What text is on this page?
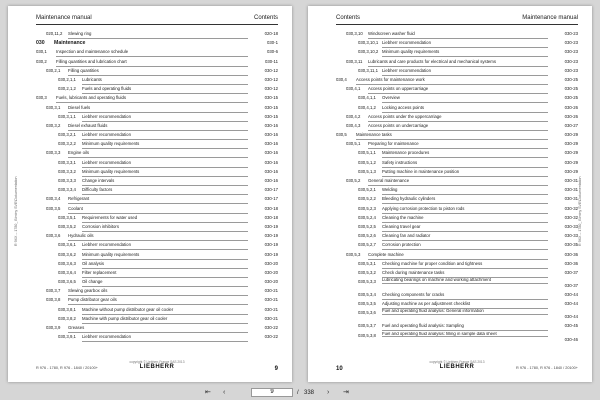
Maintenance manual	Contents
R 9XX – 1780_ Biminy SVE\Dokumentation
020,11,2 Slewing ring	020-18
030 Maintenance	030-1
030,1 Inspection and maintenance schedule	030-6
030,2 Filling quantities and lubrication chart	030-11
030,2,1 Filling quantities	030-12
030,2,1,1 Lubricants	030-12
030,2,1,2 Fuels and operating fluids	030-12
030,3 Fuels, lubricants and operating fluids	030-15
030,3,1 Diesel fuels	030-15
030,3,1,1 Liebherr recommendation	030-15
030,3,2 Diesel exhaust fluids	030-16
030,3,2,1 Liebherr recommendation	030-16
030,3,2,2 Minimum quality requirements	030-16
030,3,3 Engine oils	030-16
030,3,3,1 Liebherr recommendation	030-16
030,3,3,2 Minimum quality requirements	030-16
030,3,3,3 Change intervals	030-16
030,3,3,4 Difficulty factors	030-17
030,3,4 Refrigerant	030-17
030,3,5 Coolant	030-18
030,3,5,1 Requirements for water used	030-18
030,3,5,2 Corrosion inhibitors	030-19
030,3,6 Hydraulic oils	030-19
030,3,6,1 Liebherr recommendation	030-19
030,3,6,2 Minimum quality requirements	030-19
030,3,6,3 Oil analysis	030-20
030,3,6,4 Filter replacement	030-20
030,3,6,5 Oil change	030-20
030,3,7 Slewing gearbox oils	030-21
030,3,8 Pump distributor gear oils	030-21
030,3,8,1 Machine without pump distributor gear oil cooler	030-21
030,3,8,2 Machine with pump distributor gear oil cooler	030-21
030,3,9 Greases	030-22
030,3,9,1 Liebherr recommendation	030-22
R 976 - 1780, R 976 - 1840 / 20100+
copyright © Liebherr-France SAS 2013
LIEBHERR	9
Contents	Maintenance manual
R 9XX – 1780_ Biminy SVE\Dokumentation
030,3,10 Windscreen washer fluid	030-23
030,3,10,1 Liebherr recommendation	030-23
030,3,10,2 Minimum quality requirements	030-23
030,3,11 Lubricants and care products for electrical and mechanical systems	030-23
030,3,11,1 Liebherr recommendation	030-23
030,4 Access points for maintenance work	030-25
030,4,1 Access points on uppercarriage	030-25
030,4,1,1 Overview	030-25
030,4,1,2 Locking access points	030-26
030,4,2 Access points under the uppercarriage	030-26
030,4,3 Access points on undercarriage	030-27
030,5 Maintenance tasks	030-29
030,5,1 Preparing for maintenance	030-29
030,5,1,1 Maintenance procedures	030-29
030,5,1,2 Safety instructions	030-29
030,5,1,3 Putting machine in maintenance position	030-29
030,5,2 General maintenance	030-31
030,5,2,1 Welding	030-31
030,5,2,2 Bleeding hydraulic cylinders	030-31
030,5,2,3 Applying corrosion protection to piston rods	030-32
030,5,2,4 Cleaning the machine	030-32
030,5,2,5 Cleaning travel gear	030-33
030,5,2,6 Cleaning fan and radiator	030-33
030,5,2,7 Corrosion protection	030-35
030,5,3 Complete machine	030-36
030,5,3,1 Checking machine for proper condition and tightness	030-36
030,5,3,2 Check during maintenance tasks	030-37
030,5,3,3 Lubricating bearings on machine and working attachment
030-37
030,5,3,4 Checking components for cracks	030-44
030,5,3,5 Adjusting machine as per adjustment checklist	030-44
030,5,3,6 Fuel and operating fluid analysis: General information
030-44
030,5,3,7 Fuel and operating fluid analysis: Sampling	030-45
030,5,3,8 Fuel and operating fluid analysis: filling in sample data sheet
030-46
10
copyright © Liebherr-France SAS 2013
LIEBHERR	R 976 - 1780, R 976 - 1840 / 20100+
⇤ ‹
9	/ 338 › ⇥
